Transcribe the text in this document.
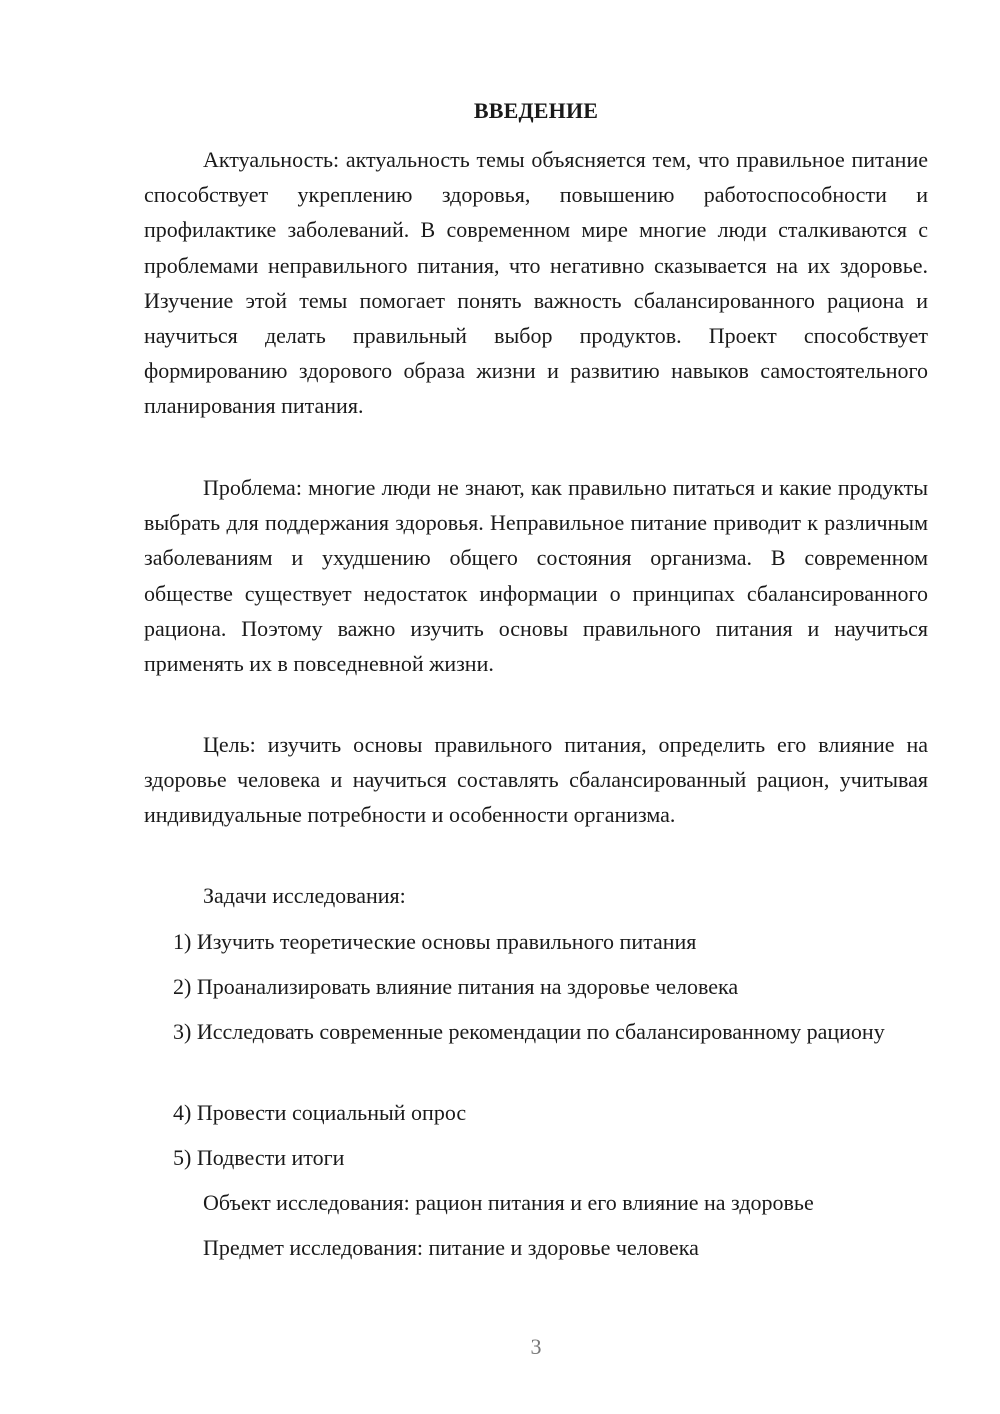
ВВЕДЕНИЕ

Актуальность: актуальность темы объясняется тем, что правильное питание способствует укреплению здоровья, повышению работоспособности и профилактике заболеваний. В современном мире многие люди сталкиваются с проблемами неправильного питания, что негативно сказывается на их здоровье. Изучение этой темы помогает понять важность сбалансированного рациона и научиться делать правильный выбор продуктов. Проект способствует формированию здорового образа жизни и развитию навыков самостоятельного планирования питания.

Проблема: многие люди не знают, как правильно питаться и какие продукты выбрать для поддержания здоровья. Неправильное питание приводит к различным заболеваниям и ухудшению общего состояния организма. В современном обществе существует недостаток информации о принципах сбалансированного рациона. Поэтому важно изучить основы правильного питания и научиться применять их в повседневной жизни.

Цель: изучить основы правильного питания, определить его влияние на здоровье человека и научиться составлять сбалансированный рацион, учитывая индивидуальные потребности и особенности организма.

Задачи исследования:

1) Изучить теоретические основы правильного питания

2) Проанализировать влияние питания на здоровье человека

3) Исследовать современные рекомендации по сбалансированному рациону

4) Провести социальный опрос

5) Подвести итоги

Объект исследования: рацион питания и его влияние на здоровье

Предмет исследования: питание и здоровье человека

3
